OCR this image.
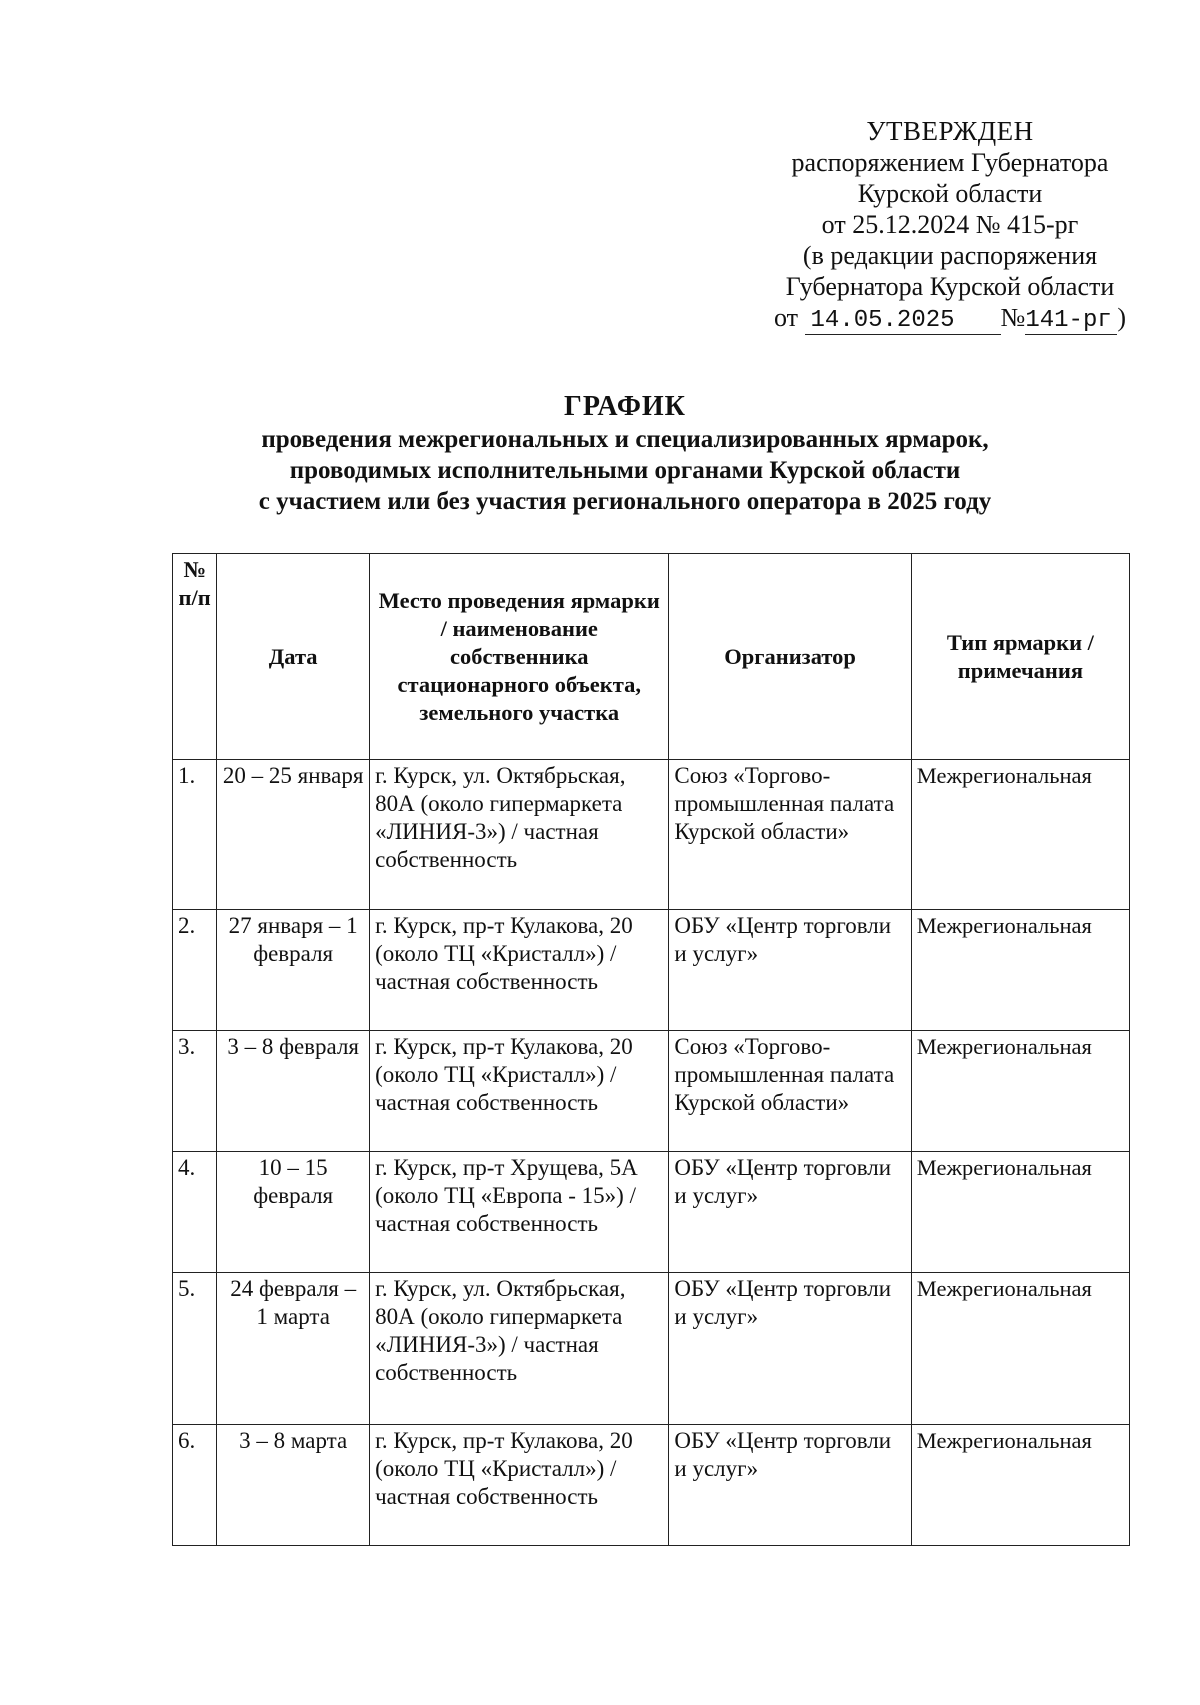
УТВЕРЖДЕН
распоряжением Губернатора
Курской области
от 25.12.2024 № 415-рг
(в редакции распоряжения
Губернатора Курской области
от 14.05.2025 №141-рг )
ГРАФИК
проведения межрегиональных и специализированных ярмарок,
проводимых исполнительными органами Курской области
с участием или без участия регионального оператора в 2025 году
№ п/п	Дата	Место проведения ярмарки / наименование собственника стационарного объекта, земельного участка	Организатор	Тип ярмарки / примечания
1.	20 – 25 января	г. Курск, ул. Октябрьская, 80А (около гипермаркета «ЛИНИЯ-3») / частная собственность	Союз «Торгово-промышленная палата Курской области»	Межрегиональная
2.	27 января – 1 февраля	г. Курск, пр-т Кулакова, 20 (около ТЦ «Кристалл») / частная собственность	ОБУ «Центр торговли и услуг»	Межрегиональная
3.	3 – 8 февраля	г. Курск, пр-т Кулакова, 20 (около ТЦ «Кристалл») / частная собственность	Союз «Торгово-промышленная палата Курской области»	Межрегиональная
4.	10 – 15 февраля	г. Курск, пр-т Хрущева, 5А (около ТЦ «Европа - 15») / частная собственность	ОБУ «Центр торговли и услуг»	Межрегиональная
5.	24 февраля – 1 марта	г. Курск, ул. Октябрьская, 80А (около гипермаркета «ЛИНИЯ-3») / частная собственность	ОБУ «Центр торговли и услуг»	Межрегиональная
6.	3 – 8 марта	г. Курск, пр-т Кулакова, 20 (около ТЦ «Кристалл») / частная собственность	ОБУ «Центр торговли и услуг»	Межрегиональная
